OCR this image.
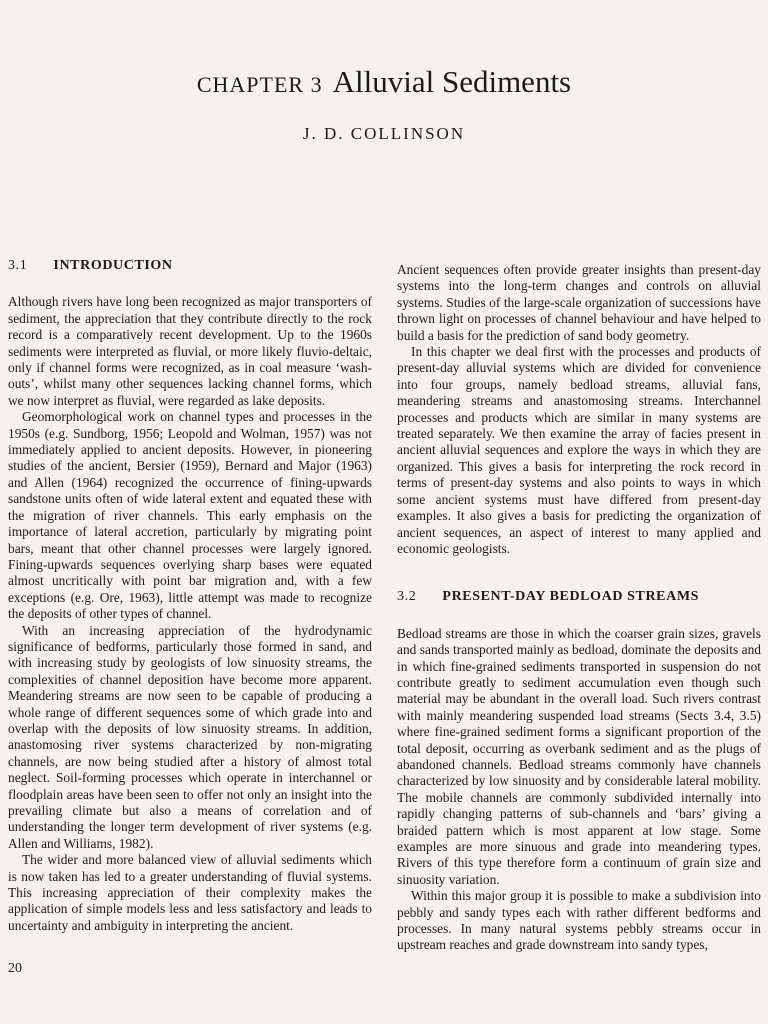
CHAPTER 3 Alluvial Sediments
J. D. COLLINSON
3.1 INTRODUCTION

Although rivers have long been recognized as major transporters of sediment, the appreciation that they contribute directly to the rock record is a comparatively recent development. Up to the 1960s sediments were interpreted as fluvial, or more likely fluvio-deltaic, only if channel forms were recognized, as in coal measure ‘wash-outs’, whilst many other sequences lacking channel forms, which we now interpret as fluvial, were regarded as lake deposits.

Geomorphological work on channel types and processes in the 1950s (e.g. Sundborg, 1956; Leopold and Wolman, 1957) was not immediately applied to ancient deposits. However, in pioneering studies of the ancient, Bersier (1959), Bernard and Major (1963) and Allen (1964) recognized the occurrence of fining-upwards sandstone units often of wide lateral extent and equated these with the migration of river channels. This early emphasis on the importance of lateral accretion, particularly by migrating point bars, meant that other channel processes were largely ignored. Fining-upwards sequences overlying sharp bases were equated almost uncritically with point bar migration and, with a few exceptions (e.g. Ore, 1963), little attempt was made to recognize the deposits of other types of channel.

With an increasing appreciation of the hydrodynamic significance of bedforms, particularly those formed in sand, and with increasing study by geologists of low sinuosity streams, the complexities of channel deposition have become more apparent. Meandering streams are now seen to be capable of producing a whole range of different sequences some of which grade into and overlap with the deposits of low sinuosity streams. In addition, anastomosing river systems characterized by non-migrating channels, are now being studied after a history of almost total neglect. Soil-forming processes which operate in interchannel or floodplain areas have been seen to offer not only an insight into the prevailing climate but also a means of correlation and of understanding the longer term development of river systems (e.g. Allen and Williams, 1982).

The wider and more balanced view of alluvial sediments which is now taken has led to a greater understanding of fluvial systems. This increasing appreciation of their complexity makes the application of simple models less and less satisfactory and leads to uncertainty and ambiguity in interpreting the ancient.

Ancient sequences often provide greater insights than present-day systems into the long-term changes and controls on alluvial systems. Studies of the large-scale organization of successions have thrown light on processes of channel behaviour and have helped to build a basis for the prediction of sand body geometry.

In this chapter we deal first with the processes and products of present-day alluvial systems which are divided for convenience into four groups, namely bedload streams, alluvial fans, meandering streams and anastomosing streams. Interchannel processes and products which are similar in many systems are treated separately. We then examine the array of facies present in ancient alluvial sequences and explore the ways in which they are organized. This gives a basis for interpreting the rock record in terms of present-day systems and also points to ways in which some ancient systems must have differed from present-day examples. It also gives a basis for predicting the organization of ancient sequences, an aspect of interest to many applied and economic geologists.

3.2 PRESENT-DAY BEDLOAD STREAMS

Bedload streams are those in which the coarser grain sizes, gravels and sands transported mainly as bedload, dominate the deposits and in which fine-grained sediments transported in suspension do not contribute greatly to sediment accumulation even though such material may be abundant in the overall load. Such rivers contrast with mainly meandering suspended load streams (Sects 3.4, 3.5) where fine-grained sediment forms a significant proportion of the total deposit, occurring as overbank sediment and as the plugs of abandoned channels. Bedload streams commonly have channels characterized by low sinuosity and by considerable lateral mobility. The mobile channels are commonly subdivided internally into rapidly changing patterns of sub-channels and ‘bars’ giving a braided pattern which is most apparent at low stage. Some examples are more sinuous and grade into meandering types. Rivers of this type therefore form a continuum of grain size and sinuosity variation.

Within this major group it is possible to make a subdivision into pebbly and sandy types each with rather different bedforms and processes. In many natural systems pebbly streams occur in upstream reaches and grade downstream into sandy types,

20
